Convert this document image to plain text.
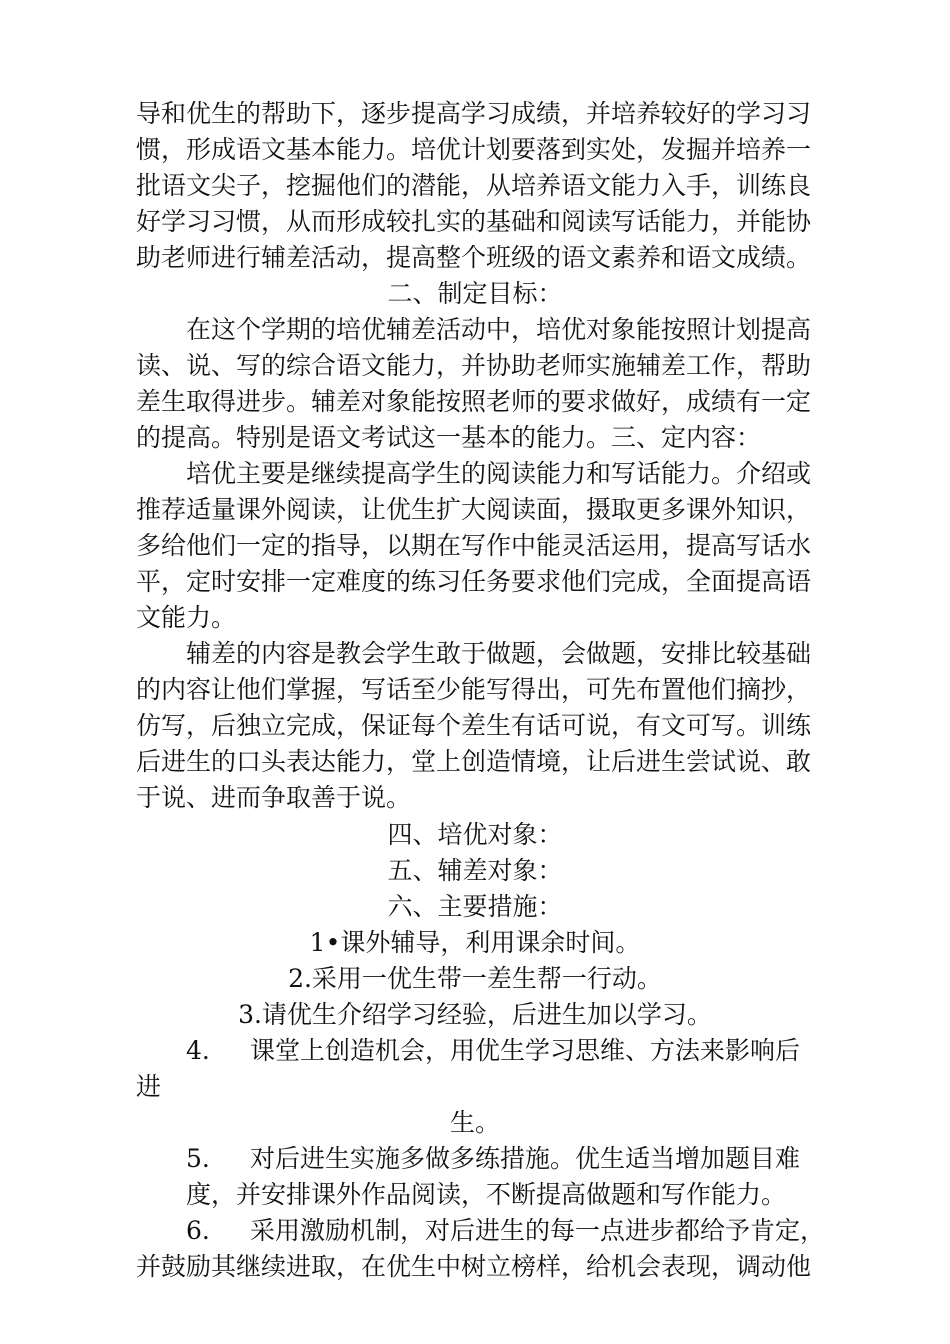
导和优生的帮助下，逐步提高学习成绩，并培养较好的学习习
惯，形成语文基本能力。培优计划要落到实处，发掘并培养一
批语文尖子，挖掘他们的潜能，从培养语文能力入手，训练良
好学习习惯，从而形成较扎实的基础和阅读写话能力，并能协
助老师进行辅差活动，提高整个班级的语文素养和语文成绩。
二、制定目标：
在这个学期的培优辅差活动中，培优对象能按照计划提高
读、说、写的综合语文能力，并协助老师实施辅差工作，帮助
差生取得进步。辅差对象能按照老师的要求做好，成绩有一定
的提高。特别是语文考试这一基本的能力。三、定内容：
培优主要是继续提高学生的阅读能力和写话能力。介绍或
推荐适量课外阅读，让优生扩大阅读面，摄取更多课外知识，
多给他们一定的指导，以期在写作中能灵活运用，提高写话水
平，定时安排一定难度的练习任务要求他们完成，全面提高语
文能力。
辅差的内容是教会学生敢于做题，会做题，安排比较基础
的内容让他们掌握，写话至少能写得出，可先布置他们摘抄，
仿写，后独立完成，保证每个差生有话可说，有文可写。训练
后进生的口头表达能力，堂上创造情境，让后进生尝试说、敢
于说、进而争取善于说。
四、培优对象：
五、辅差对象：
六、主要措施：
1•课外辅导，利用课余时间。
2.采用一优生带一差生帮一行动。
3.请优生介绍学习经验，后进生加以学习。
4. 课堂上创造机会，用优生学习思维、方法来影响后
进
生。
5. 对后进生实施多做多练措施。优生适当增加题目难
度，并安排课外作品阅读，不断提高做题和写作能力。
6. 采用激励机制，对后进生的每一点进步都给予肯定，
并鼓励其继续进取，在优生中树立榜样，给机会表现，调动他
